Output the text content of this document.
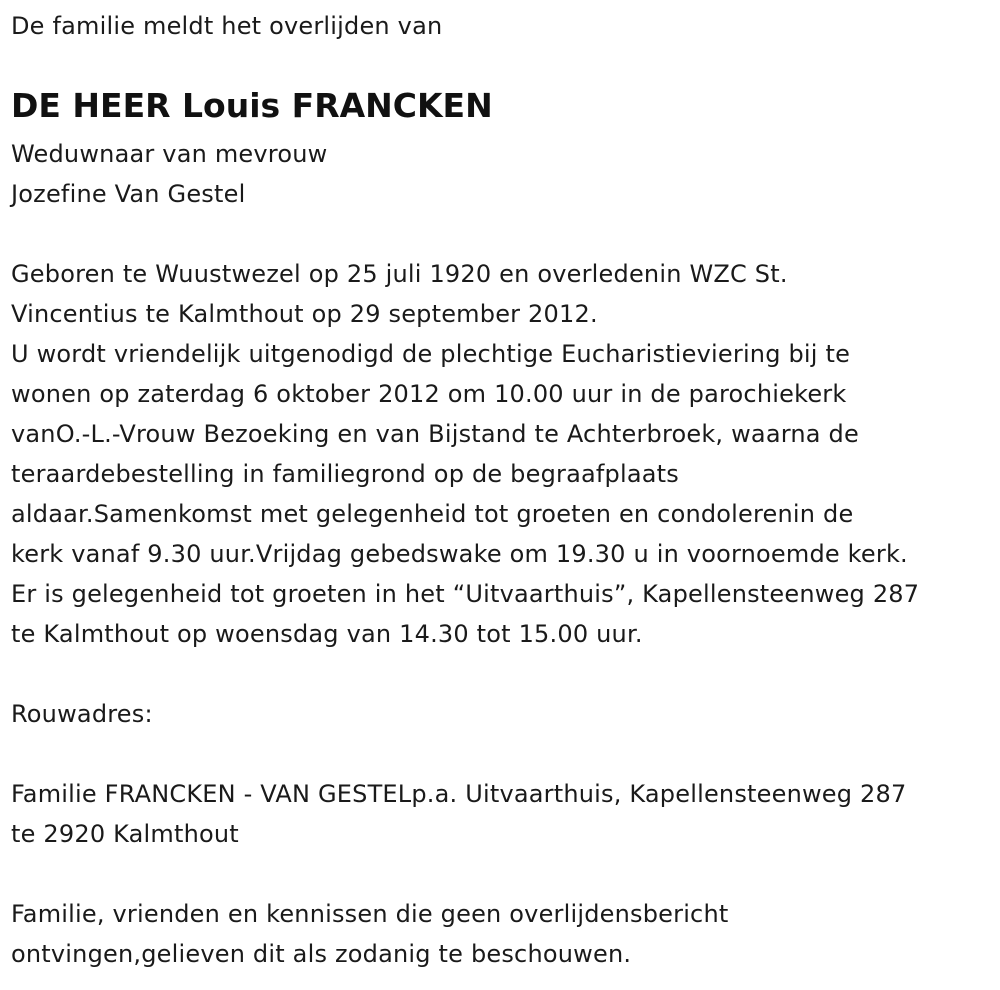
De familie meldt het overlijden van
DE HEER Louis FRANCKEN
Weduwnaar van mevrouw
Jozefine Van Gestel
Geboren te Wuustwezel op 25 juli 1920 en overledenin WZC St.
Vincentius te Kalmthout op 29 september 2012.
U wordt vriendelijk uitgenodigd de plechtige Eucharistieviering bij te
wonen op zaterdag 6 oktober 2012 om 10.00 uur in de parochiekerk
vanO.-L.-Vrouw Bezoeking en van Bijstand te Achterbroek, waarna de
teraardebestelling in familiegrond op de begraafplaats
aldaar.Samenkomst met gelegenheid tot groeten en condolerenin de
kerk vanaf 9.30 uur.Vrijdag gebedswake om 19.30 u in voornoemde kerk.
Er is gelegenheid tot groeten in het “Uitvaarthuis”, Kapellensteenweg 287
te Kalmthout op woensdag van 14.30 tot 15.00 uur.
Rouwadres:
Familie FRANCKEN - VAN GESTELp.a. Uitvaarthuis, Kapellensteenweg 287
te 2920 Kalmthout
Familie, vrienden en kennissen die geen overlijdensbericht
ontvingen,gelieven dit als zodanig te beschouwen.
